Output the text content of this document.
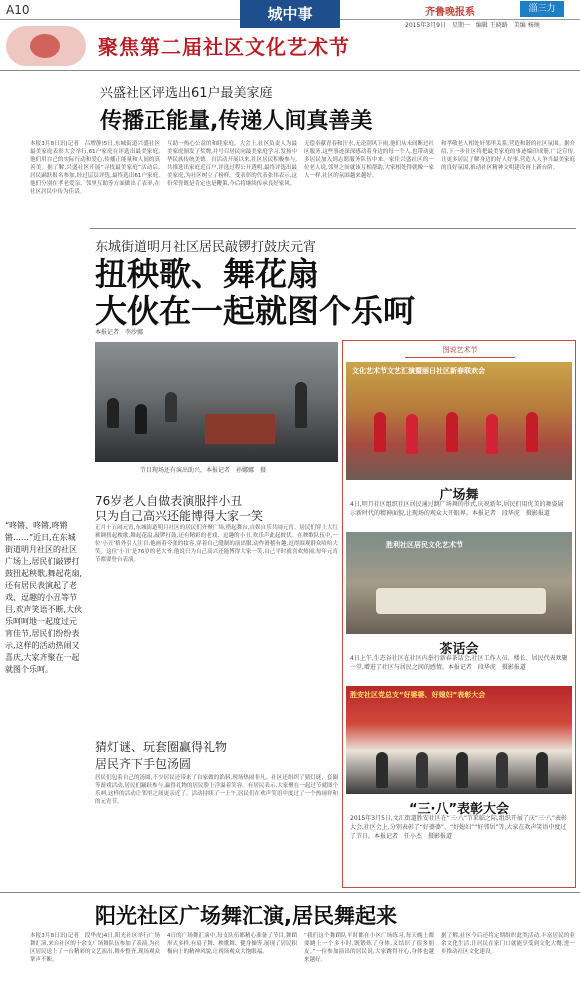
A10	城中事	齐鲁晚报系	淄三力
2015年3月9日　星期一　编辑 王晓路　美编 杨琬
聚焦第二届社区文化艺术节
兴盛社区评选出61户最美家庭
传播正能量,传递人间真善美
本报3月8日讯(记者　吕增静)5日,东城街道兴盛社区最美家庭表彰大会举行,61户家庭在评选出最美家庭,他们用自己的实际行动和爱心,传播正能量和人间的真善美。据了解,兴盛社区开展“寻找最美家庭”活动后,居民踊跃报名参加,经过层层评选,最终选出61户家庭,他们分别在孝老爱亲、邻里互助等方面做出了表率,在社区居民中传为佳话。
互助一热心公益的和睦家庭。大会上,社区负责人为最美家庭颁发了奖牌,并号召居民向最美家庭学习,发扬中华民族传统美德。自活动开展以来,社区居民积极参与,共推选出家庭近百户,评选过程公开透明,最终评选出最美家庭,为社区树立了榜样。受表彰的代表张伟表示,这份荣誉既是肯定也是鞭策,今后将继续传承良好家风。
无偿奉献青春和汗水,无论刮风下雨,他们从未间断过社区服务,这些事迹深深感动着身边的每一个人,也带动更多居民加入到志愿服务队伍中来。家住兴盛社区的一位老人说,邻里之间就该互相帮助,大家相处得就像一家人一样,社区的氛围越来越好。
和孝敬老人相处好邻里关系,营造和谐的社区氛围。据介绍,下一步社区将把最美家庭的事迹编印成册,广泛宣传,让更多居民了解身边的好人好事,营造人人争当最美家庭的良好氛围,推动社区精神文明建设再上新台阶。
东城街道明月社区居民敲锣打鼓庆元宵
扭秧歌、舞花扇
大伙在一起就图个乐呵
本报记者　李沙娜
节目现场还有演出助兴。本报记者　孙娜娜　摄
“咚锵、咚锵,咚锵锵……”近日,在东城街道明月社区的社区广场上,居民们敲锣打鼓扭起秧歌,舞起花扇,还有居民表演起了老戏、逗趣的小丑等节目,欢声笑语不断,大伙乐呵呵地一起度过元宵佳节,居民们纷纷表示,这样的活动热闹又喜庆,大家齐聚在一起就图个乐呵。
76岁老人自做表演服拌小丑
只为自己高兴还能博得大家一笑
正月十五闹元宵,东城街道明月社区的居民们齐聚广场,搭起舞台,自娱自乐共闹元宵。居民们穿上大红裤绸扭起秧歌,舞起花扇,敲锣打鼓,还有精彩的老戏、逗趣的小丑,欢乐声此起彼伏。在秧歌队伍中,一位‘小丑’格外引人注目,他画着夸张的妆容,穿着自己缝制的演出服,动作滑稽有趣,逗得围观群众哈哈大笑。这位‘小丑’是76岁的老大爷,他说只为自己高兴还能博得大家一笑,自己平时就喜欢热闹,每年元宵节都要登台表演。
猜灯谜、玩套圈赢得礼物
居民齐下手包汤圆
居民们包着自己的汤圆,不少居民还带来了自家做的馅料,现场热闹非凡。社区还组织了猜灯谜、套圈等游戏活动,居民们踊跃参与,赢得礼物的居民脸上洋溢着笑容。有居民表示,大家聚在一起过节就图个乐呵,这样的活动让邻里之间更亲近了。活动持续了一上午,居民们在欢声笑语中度过了一个热闹祥和的元宵节。
图说艺术节
文化艺术节文艺汇演暨丽日社区新春联欢会
广场舞
4日,明月社区组织社区居民通过跳广场舞的形式,庆祝新年,居民们用优美的舞姿展示新时代的精神面貌,让现场的观众大开眼界。本报记者　段华虎　摄影报道
胜利社区居民文化艺术节
茶话会
4日上午,生态谷社区在社区内举行新春茶话会,社区工作人员、楼长、居民代表欢聚一堂,增进了社区与居民之间的感情。本报记者　段华虎　摄影报道
胜安社区党总支“好婆婆、好媳妇”表彰大会
“三·八”表彰大会
2015年3月5日,文汇街道胜安社区在“三·八”节来临之际,组织开展了庆“三·八”表彰大会,社区会上,分别表彰了“好婆婆”、“好媳妇”“好邻居”等,大家在欢声笑语中度过了节日。本报记者　任小杰　摄影报道
阳光社区广场舞汇演,居民舞起来
本报3月8日讯(记者　段华虎)4日,阳光社区举行广场舞汇演,来自社区的十余支广场舞队伍参加了表演,为社区居民送上了一台精彩的文艺演出,舞步整齐,现场观众掌声不断。
4日的广场舞汇演中,每支队伍都精心准备了节目,舞蹈形式多样,有扇子舞、秧歌舞、健身操等,展现了居民积极向上的精神风貌,让现场观众大饱眼福。
“我们这个舞蹈队平时都在小区广场练习,每天晚上都要跳上一个多小时,既锻炼了身体,又结识了很多朋友。”一位参加演出的居民说,大家跳得开心,身体也越来越好。
据了解,社区今后还将定期组织此类活动,丰富居民的业余文化生活,让居民在家门口就能享受到文化大餐,进一步推动社区文化建设。
